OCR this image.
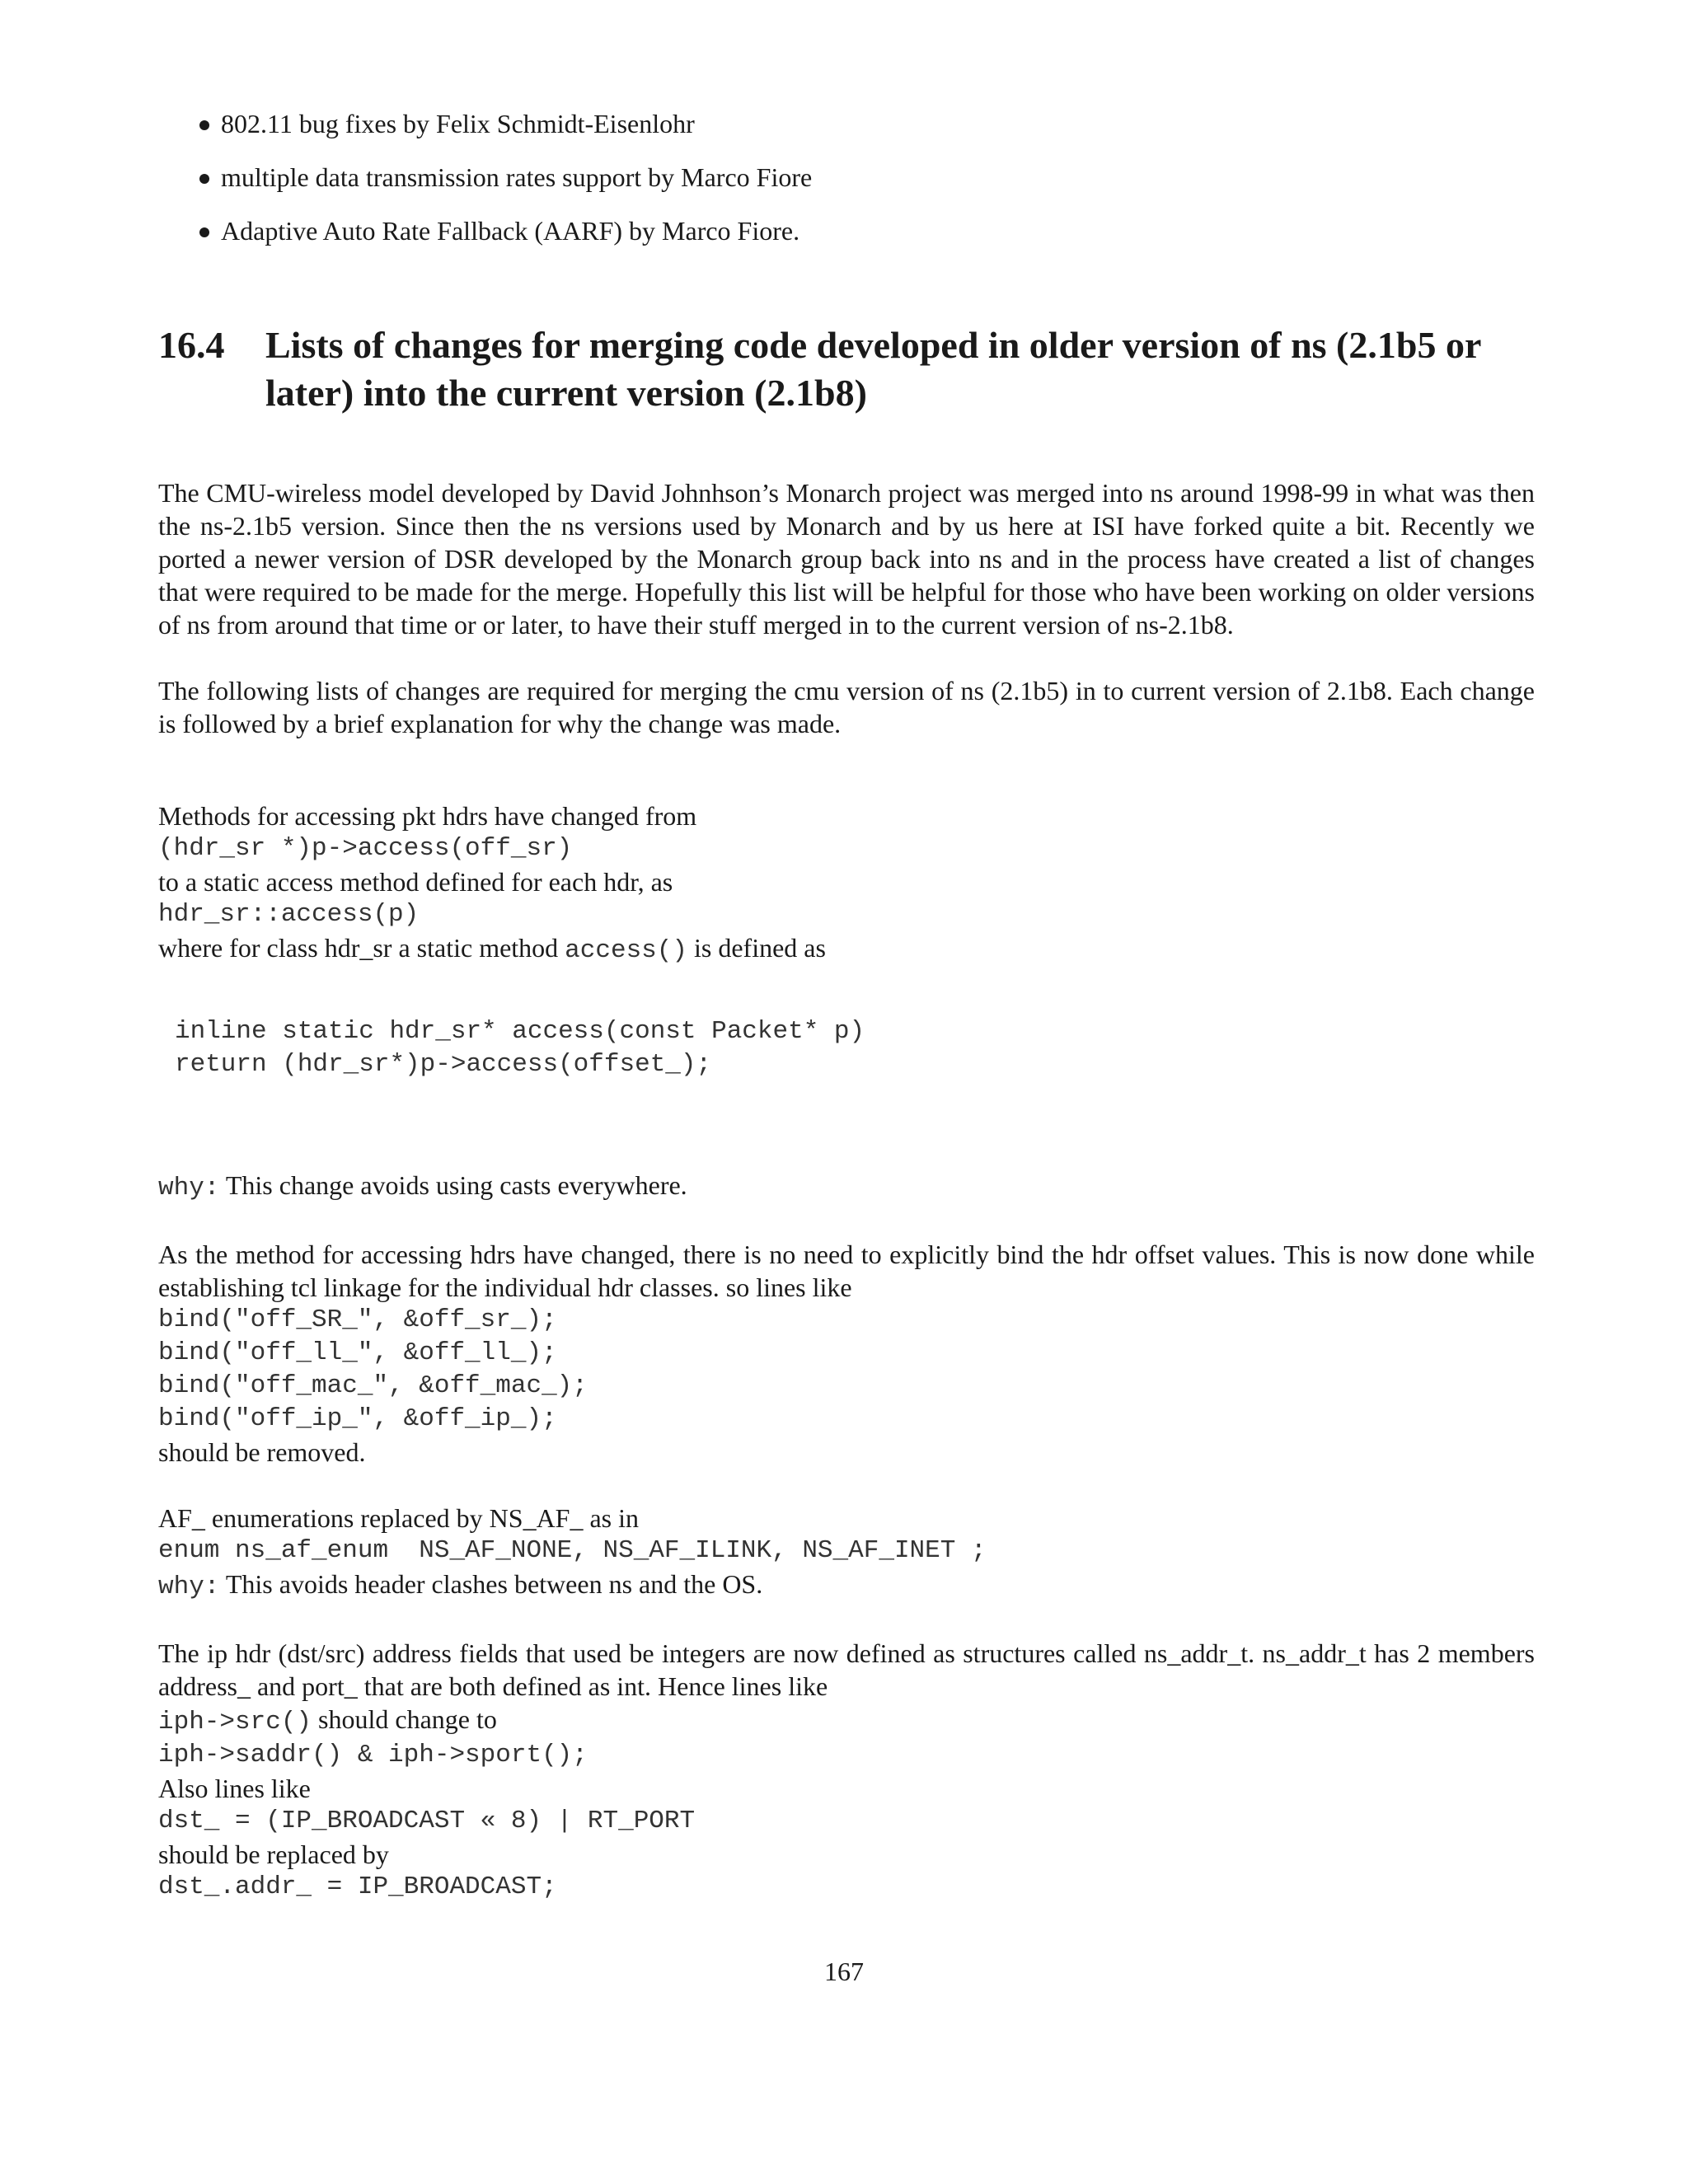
802.11 bug fixes by Felix Schmidt-Eisenlohr
multiple data transmission rates support by Marco Fiore
Adaptive Auto Rate Fallback (AARF) by Marco Fiore.
16.4	Lists of changes for merging code developed in older version of ns (2.1b5 or later) into the current version (2.1b8)

The CMU-wireless model developed by David Johnhson’s Monarch project was merged into ns around 1998-99 in what was then the ns-2.1b5 version. Since then the ns versions used by Monarch and by us here at ISI have forked quite a bit. Recently we ported a newer version of DSR developed by the Monarch group back into ns and in the process have created a list of changes that were required to be made for the merge. Hopefully this list will be helpful for those who have been working on older versions of ns from around that time or or later, to have their stuff merged in to the current version of ns-2.1b8.

The following lists of changes are required for merging the cmu version of ns (2.1b5) in to current version of 2.1b8. Each change is followed by a brief explanation for why the change was made.

Methods for accessing pkt hdrs have changed from
(hdr_sr *)p->access(off_sr)
to a static access method defined for each hdr, as
hdr_sr::access(p)
where for class hdr_sr a static method access() is defined as
inline static hdr_sr* access(const Packet* p)
return (hdr_sr*)p->access(offset_);
why: This change avoids using casts everywhere.

As the method for accessing hdrs have changed, there is no need to explicitly bind the hdr offset values. This is now done while establishing tcl linkage for the individual hdr classes. so lines like

bind("off_SR_", &off_sr_);
bind("off_ll_", &off_ll_);
bind("off_mac_", &off_mac_);
bind("off_ip_", &off_ip_);
should be removed.
AF_ enumerations replaced by NS_AF_ as in
enum ns_af_enum  NS_AF_NONE, NS_AF_ILINK, NS_AF_INET ;
why: This avoids header clashes between ns and the OS.

The ip hdr (dst/src) address fields that used be integers are now defined as structures called ns_addr_t. ns_addr_t has 2 members address_ and port_ that are both defined as int. Hence lines like

iph->src() should change to
iph->saddr() & iph->sport();
Also lines like
dst_ = (IP_BROADCAST « 8) | RT_PORT
should be replaced by
dst_.addr_ = IP_BROADCAST;
167
